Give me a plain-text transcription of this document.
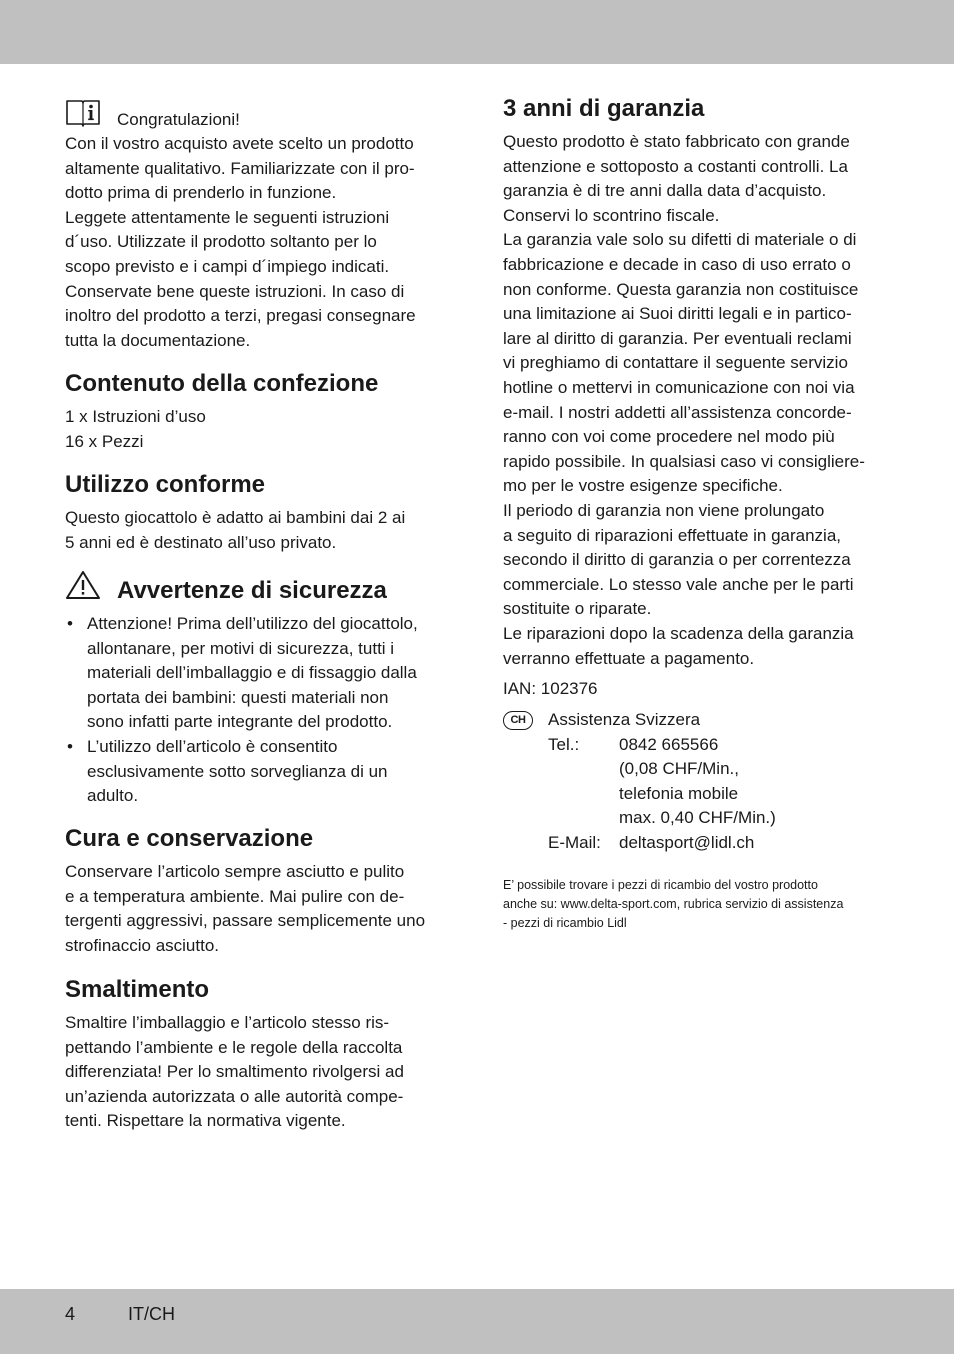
Congratulazioni!

Con il vostro acquisto avete scelto un prodotto

altamente qualitativo. Familiarizzate con il pro-

dotto prima di prenderlo in funzione.

Leggete attentamente le seguenti istruzioni

d´uso. Utilizzate il prodotto soltanto per lo

scopo previsto e i campi d´impiego indicati.

Conservate bene queste istruzioni. In caso di

inoltro del prodotto a terzi, pregasi consegnare

tutta la documentazione.

Contenuto della confezione

1 x Istruzioni d’uso

16 x Pezzi

Utilizzo conforme

Questo giocattolo è adatto ai bambini dai 2 ai

5 anni ed è destinato all’uso privato.

Avvertenze di sicurezza
• Attenzione! Prima dell’utilizzo del giocattolo,
allontanare, per motivi di sicurezza, tutti i
materiali dell’imballaggio e di fissaggio dalla
portata dei bambini: questi materiali non
sono infatti parte integrante del prodotto.
• L’utilizzo dell’articolo è consentito
esclusivamente sotto sorveglianza di un
adulto.
Cura e conservazione

Conservare l’articolo sempre asciutto e pulito

e a temperatura ambiente. Mai pulire con de-

tergenti aggressivi, passare semplicemente uno

strofinaccio asciutto.

Smaltimento

Smaltire l’imballaggio e l’articolo stesso ris-

pettando l’ambiente e le regole della raccolta

differenziata! Per lo smaltimento rivolgersi ad

un’azienda autorizzata o alle autorità compe-

tenti. Rispettare la normativa vigente.

3 anni di garanzia

Questo prodotto è stato fabbricato con grande

attenzione e sottoposto a costanti controlli. La

garanzia è di tre anni dalla data d’acquisto.

Conservi lo scontrino fiscale.

La garanzia vale solo su difetti di materiale o di

fabbricazione e decade in caso di uso errato o

non conforme. Questa garanzia non costituisce

una limitazione ai Suoi diritti legali e in partico-

lare al diritto di garanzia. Per eventuali reclami

vi preghiamo di contattare il seguente servizio

hotline o mettervi in comunicazione con noi via

e-mail. I nostri addetti all’assistenza concorde-

ranno con voi come procedere nel modo più

rapido possibile. In qualsiasi caso vi consigliere-

mo per le vostre esigenze specifiche.

Il periodo di garanzia non viene prolungato

a seguito di riparazioni effettuate in garanzia,

secondo il diritto di garanzia o per correntezza

commerciale. Lo stesso vale anche per le parti

sostituite o riparate.

Le riparazioni dopo la scadenza della garanzia

verranno effettuate a pagamento.

IAN: 102376

CH	Assistenza Svizzera
Tel.: 0842 665566
(0,08 CHF/Min.,
telefonia mobile
max. 0,40 CHF/Min.)
E-Mail: deltasport@lidl.ch

E’ possibile trovare i pezzi di ricambio del vostro prodotto
anche su: www.delta-sport.com, rubrica servizio di assistenza
- pezzi di ricambio Lidl

4	IT/CH
